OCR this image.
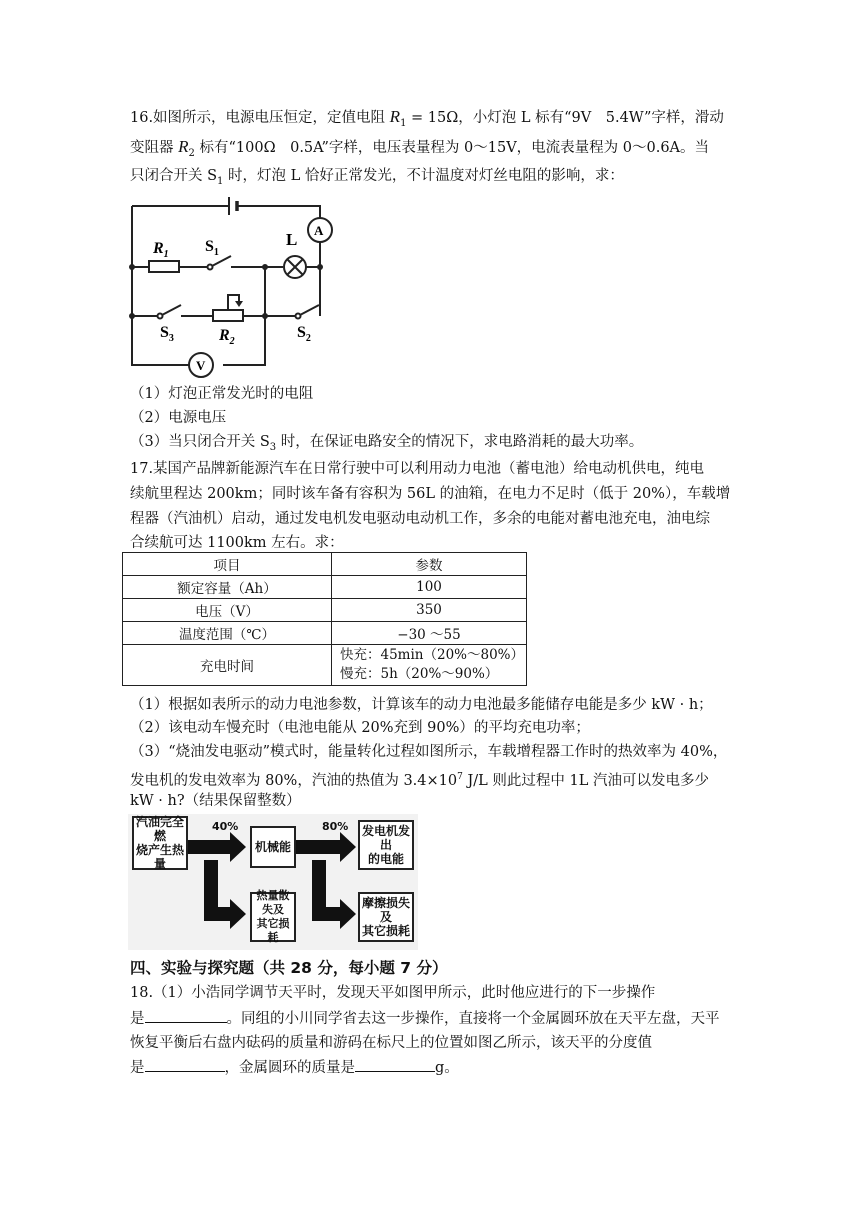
16.如图所示，电源电压恒定，定值电阻 $R_1 = 15\Omega$，小灯泡 L 标有“9V　5.4W”字样，滑动
变阻器 $R_2$ 标有“100Ω　0.5A”字样，电压表量程为 0～15V，电流表量程为 0～0.6A。当
只闭合开关 $S_1$ 时，灯泡 L 恰好正常发光，不计温度对灯丝电阻的影响，求：
$R_1$ $S_1$
L A
$S_3$	$R_2$
$S_2$
V
（1）灯泡正常发光时的电阻
（2）电源电压
（3）当只闭合开关 $S_3$ 时，在保证电路安全的情况下，求电路消耗的最大功率。
17.某国产品牌新能源汽车在日常行驶中可以利用动力电池（蓄电池）给电动机供电，纯电
续航里程达 200km；同时该车备有容积为 56L 的油箱，在电力不足时（低于 20%），车载增
程器（汽油机）启动，通过发电机发电驱动电动机工作，多余的电能对蓄电池充电，油电综
合续航可达 1100km 左右。求：
项目	参数
额定容量（Ah）	100
电压（V）	350
温度范围（℃）	−30 ～55
充电时间	快充：45min（20%～80%）
慢充：5h（20%～90%）
（1）根据如表所示的动力电池参数，计算该车的动力电池最多能储存电能是多少 kW · h；
（2）该电动车慢充时（电池电能从 20%充到 90%）的平均充电功率；
（3）“烧油发电驱动”模式时，能量转化过程如图所示，车载增程器工作时的热效率为 40%，
发电机的发电效率为 80%，汽油的热值为 $3.4\times 10^7$ J/L 则此过程中 1L 汽油可以发电多少
kW · h?（结果保留整数）
汽油完全燃
烧产生热量
40%
机械能
80% 发电机发出
的电能
热量散失及
其它损耗
摩擦损失及
其它损耗
四、实验与探究题（共 28 分，每小题 7 分）
18.（1）小浩同学调节天平时，发现天平如图甲所示，此时他应进行的下一步操作
是	。同组的小川同学省去这一步操作，直接将一个金属圆环放在天平左盘，天平
恢复平衡后右盘内砝码的质量和游码在标尺上的位置如图乙所示，该天平的分度值
是	，金属圆环的质量是	g。
